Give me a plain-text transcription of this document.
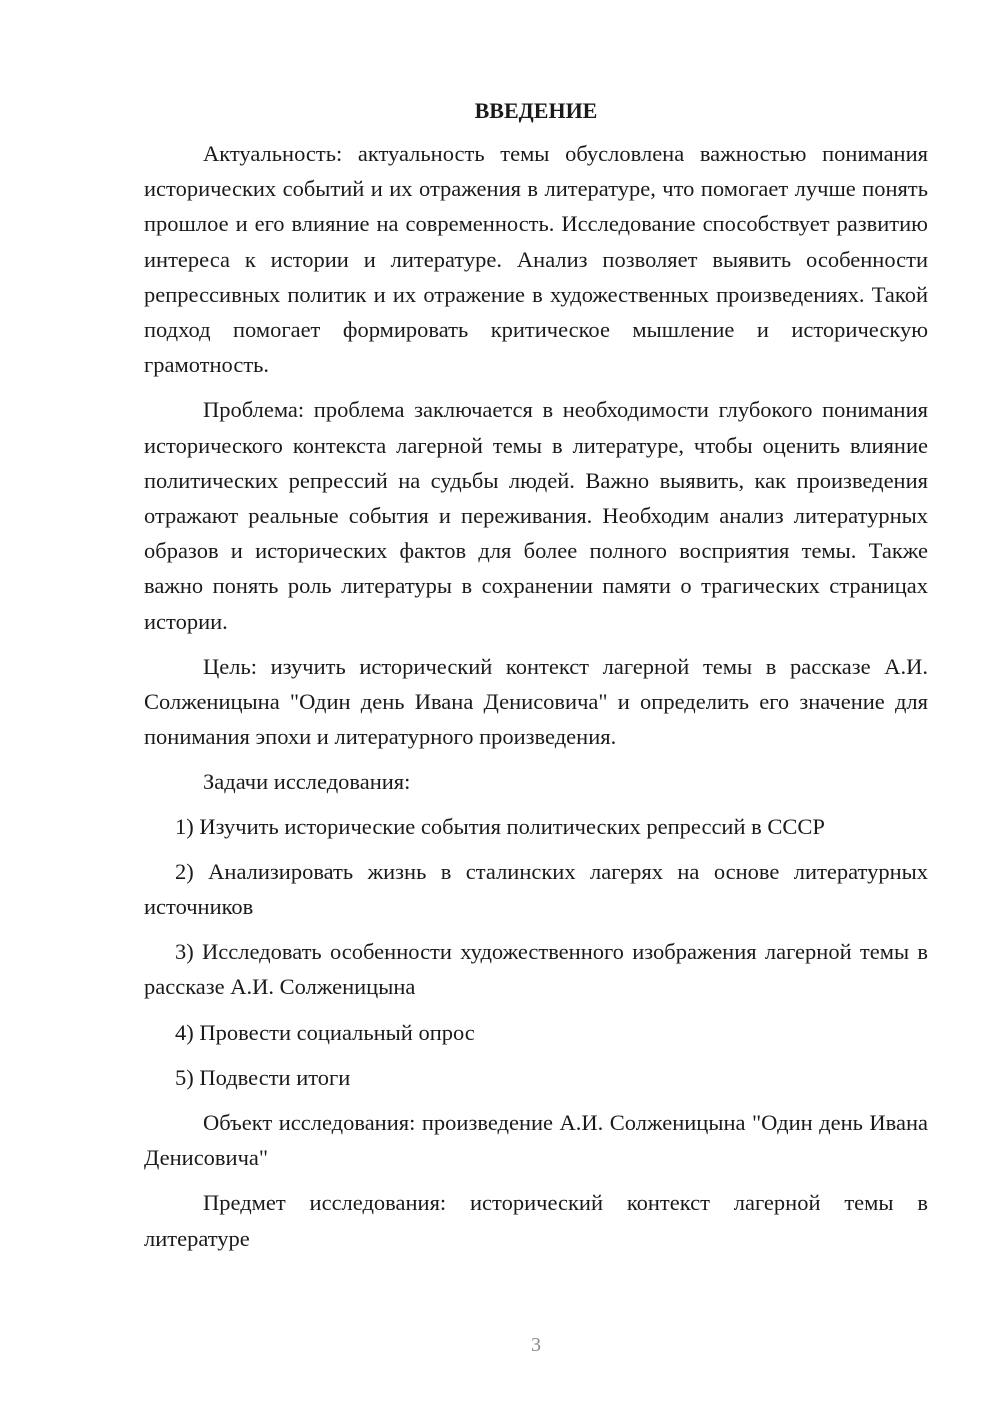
ВВЕДЕНИЕ

Актуальность: актуальность темы обусловлена важностью понимания исторических событий и их отражения в литературе, что помогает лучше понять прошлое и его влияние на современность. Исследование способствует развитию интереса к истории и литературе. Анализ позволяет выявить особенности репрессивных политик и их отражение в художественных произведениях. Такой подход помогает формировать критическое мышление и историческую грамотность.

Проблема: проблема заключается в необходимости глубокого понимания исторического контекста лагерной темы в литературе, чтобы оценить влияние политических репрессий на судьбы людей. Важно выявить, как произведения отражают реальные события и переживания. Необходим анализ литературных образов и исторических фактов для более полного восприятия темы. Также важно понять роль литературы в сохранении памяти о трагических страницах истории.

Цель: изучить исторический контекст лагерной темы в рассказе А.И. Солженицына "Один день Ивана Денисовича" и определить его значение для понимания эпохи и литературного произведения.

Задачи исследования:

1) Изучить исторические события политических репрессий в СССР

2) Анализировать жизнь в сталинских лагерях на основе литературных источников

3) Исследовать особенности художественного изображения лагерной темы в рассказе А.И. Солженицына

4) Провести социальный опрос

5) Подвести итоги

Объект исследования: произведение А.И. Солженицына "Один день Ивана Денисовича"

Предмет исследования: исторический контекст лагерной темы в литературе

3
